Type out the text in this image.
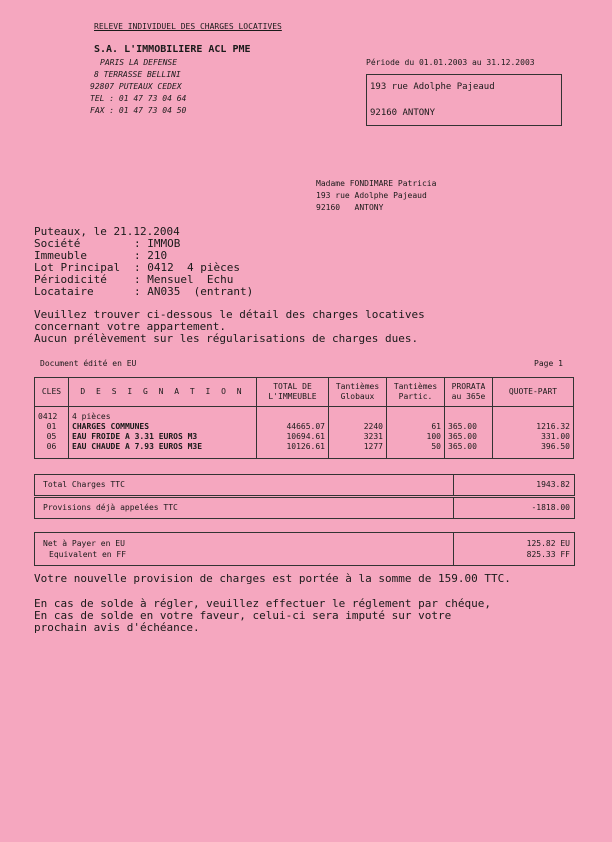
RELEVE INDIVIDUEL DES CHARGES LOCATIVES
S.A. L'IMMOBILIERE ACL PME
PARIS LA DEFENSE
8 TERRASSE BELLINI
92807 PUTEAUX CEDEX
TEL : 01 47 73 04 64
FAX : 01 47 73 04 50
Période du 01.01.2003 au 31.12.2003
193 rue Adolphe Pajeaud
92160 ANTONY
Madame FONDIMARE Patricia
193 rue Adolphe Pajeaud
92160   ANTONY
Puteaux, le 21.12.2004
Société	: IMMOB
Immeuble	: 210
Lot Principal : 0412  4 pièces
Périodicité : Mensuel  Echu
Locataire	: AN035  (entrant)
Veuillez trouver ci-dessous le détail des charges locatives
concernant votre appartement.
Aucun prélèvement sur les régularisations de charges dues.
Document édité en EU	Page 1
CLES	D E S I G N A T I O N	TOTAL DE L'IMMEUBLE	Tantièmes Globaux	Tantièmes Partic.	PRORATA au 365e	QUOTE-PART

0412	4 pièces					
01	CHARGES COMMUNES	44665.07	2240	61	365.00	1216.32
05	EAU FROIDE A 3.31 EUROS M3	10694.61	3231	100	365.00	331.00
06	EAU CHAUDE A 7.93 EUROS M3E	10126.61	1277	50	365.00	396.50

Total Charges TTC	1943.82
Provisions déjà appelées TTC	-1818.00
Net à Payer en EU	125.82 EU
Equivalent en FF	825.33 FF
Votre nouvelle provision de charges est portée à la somme de 159.00 TTC.
En cas de solde à régler, veuillez effectuer le réglement par chéque,
En cas de solde en votre faveur, celui-ci sera imputé sur votre
prochain avis d'échéance.
